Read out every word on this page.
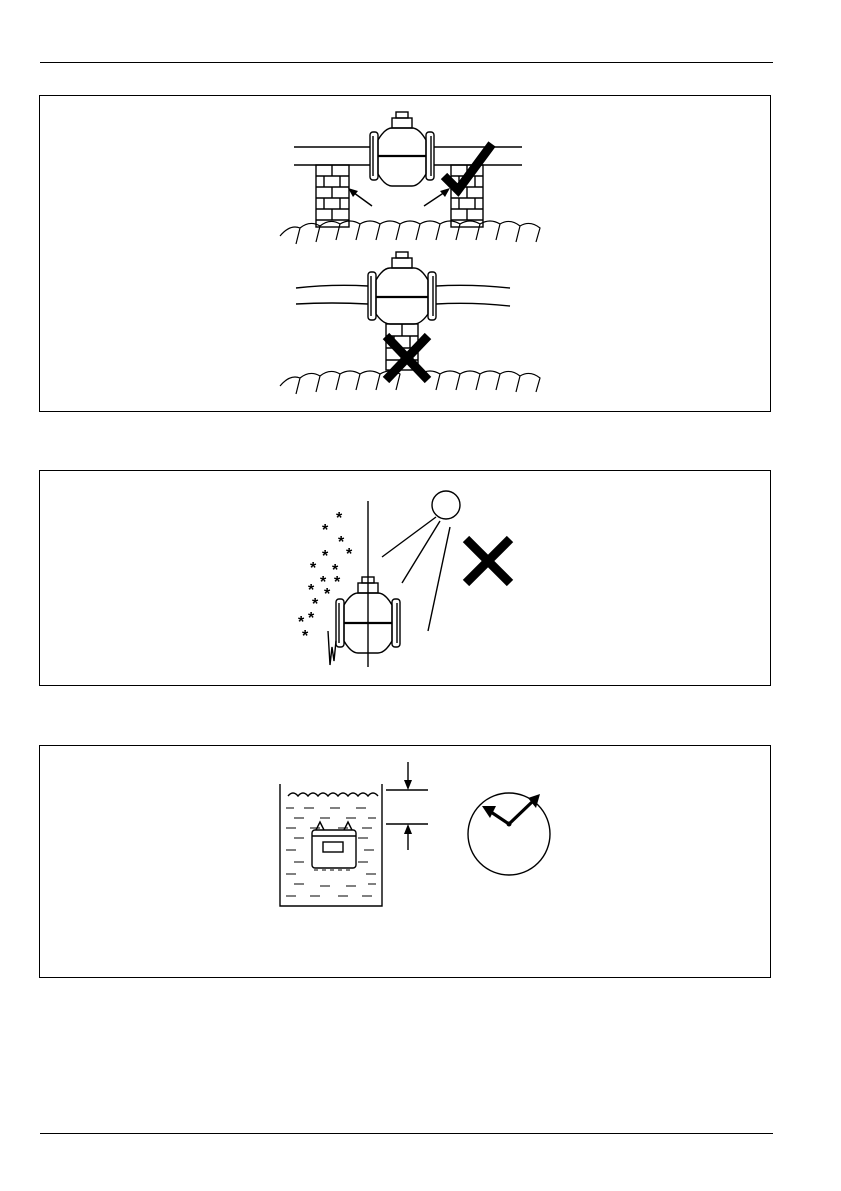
*
*
*
*
*
* *
* *
* *
*
* *
*
